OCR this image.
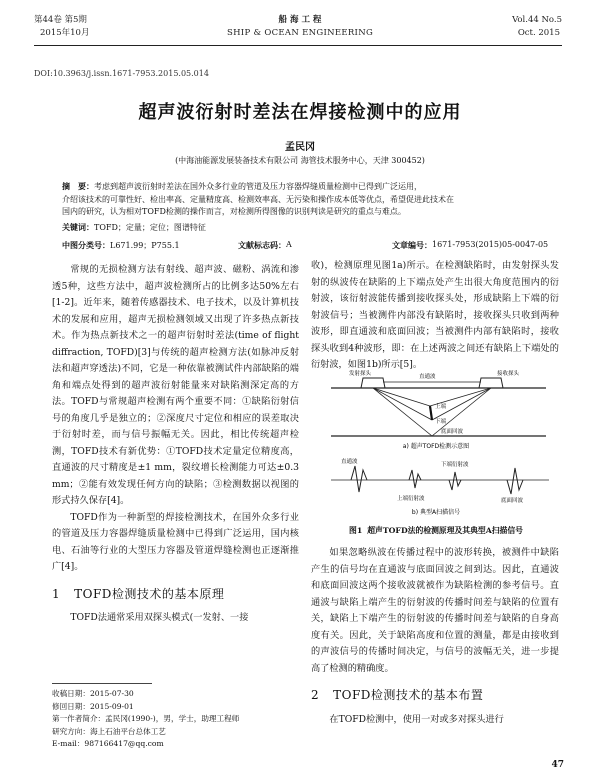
第44卷 第5期
2015年10月
船 海 工 程
SHIP & OCEAN ENGINEERING
Vol.44 No.5
Oct. 2015
DOI:10.3963/j.issn.1671-7953.2015.05.014
超声波衍射时差法在焊接检测中的应用
孟民冈
(中海油能源发展装备技术有限公司 海管技术服务中心，天津 300452)

摘　要：考虑到超声波衍射时差法在国外众多行业的管道及压力容器焊缝质量检测中已得到广泛运用，

介绍该技术的可靠性好、检出率高、定量精度高、检测效率高、无污染和操作成本低等优点，希望促进此技术在

国内的研究，认为相对TOFD检测的操作而言，对检测所得图像的识别判读是研究的重点与难点。

关键词：TOFD；定量；定位；图谱特征

中图分类号： L671.99；P755.1	文献标志码： A	文章编号： 1671-7953(2015)05-0047-05

常规的无损检测方法有射线、超声波、磁粉、涡流和渗透5种，这些方法中，超声波检测所占的比例多达50%左右[1-2]。近年来，随着传感器技术、电子技术，以及计算机技术的发展和应用，超声无损检测领域又出现了许多热点新技术。作为热点新技术之一的超声衍射时差法(time of flight diffraction, TOFD)[3]与传统的超声检测方法(如脉冲反射法和超声穿透法)不同，它是一种依靠被测试件内部缺陷的端角和端点处得到的超声波衍射能量来对缺陷测深定高的方法。TOFD与常规超声检测有两个重要不同：①缺陷衍射信号的角度几乎是独立的；②深度尺寸定位和相应的误差取决于衍射时差，而与信号振幅无关。因此，相比传统超声检测，TOFD技术有新优势：①TOFD技术定量定位精度高，直通波的尺寸精度是±1 mm，裂纹增长检测能力可达±0.3 mm；②能有效发现任何方向的缺陷；③检测数据以视图的形式持久保存[4]。

TOFD作为一种新型的焊接检测技术，在国外众多行业的管道及压力容器焊缝质量检测中已得到广泛运用，国内核电、石油等行业的大型压力容器及管道焊缝检测也正逐渐推广[4]。

1 TOFD检测技术的基本原理

TOFD法通常采用双探头模式(一发射、一接

收稿日期：2015-07-30
修回日期：2015-09-01
第一作者简介：孟民冈(1990-)，男，学士，助理工程师
研究方向：海上石油平台总体工艺
E-mail：987166417@qq.com

收)，检测原理见图1a)所示。在检测缺陷时，由发射探头发射的纵波传在缺陷的上下端点处产生出很大角度范围内的衍射波，该衍射波能传播到接收探头处，形成缺陷上下端的衍射波信号；当被测件内部没有缺陷时，接收探头只收到两种波形，即直通波和底面回波；当被测件内部有缺陷时，接收探头收到4种波形，即：在上述两波之间还有缺陷上下端处的衍射波，如图1b)所示[5]。

发射探头	直通波	接收探头
上端
下端
底面回波
a) 超声TOFD检测示意图
直通波
上端衍射波
下端衍射波
底面回波
b) 典型A扫描信号
图1 超声TOFD法的检测原理及其典型A扫描信号

如果忽略纵波在传播过程中的波形转换，被测件中缺陷产生的信号均在直通波与底面回波之间到达。因此，直通波和底面回波这两个接收波就被作为缺陷检测的参考信号。直通波与缺陷上端产生的衍射波的传播时间差与缺陷的位置有关，缺陷上下端产生的衍射波的传播时间差与缺陷的自身高度有关。因此，关于缺陷高度和位置的测量，都是由接收到的声波信号的传播时间决定，与信号的波幅无关，进一步提高了检测的精确度。

2 TOFD检测技术的基本布置

在TOFD检测中，使用一对或多对探头进行

47
